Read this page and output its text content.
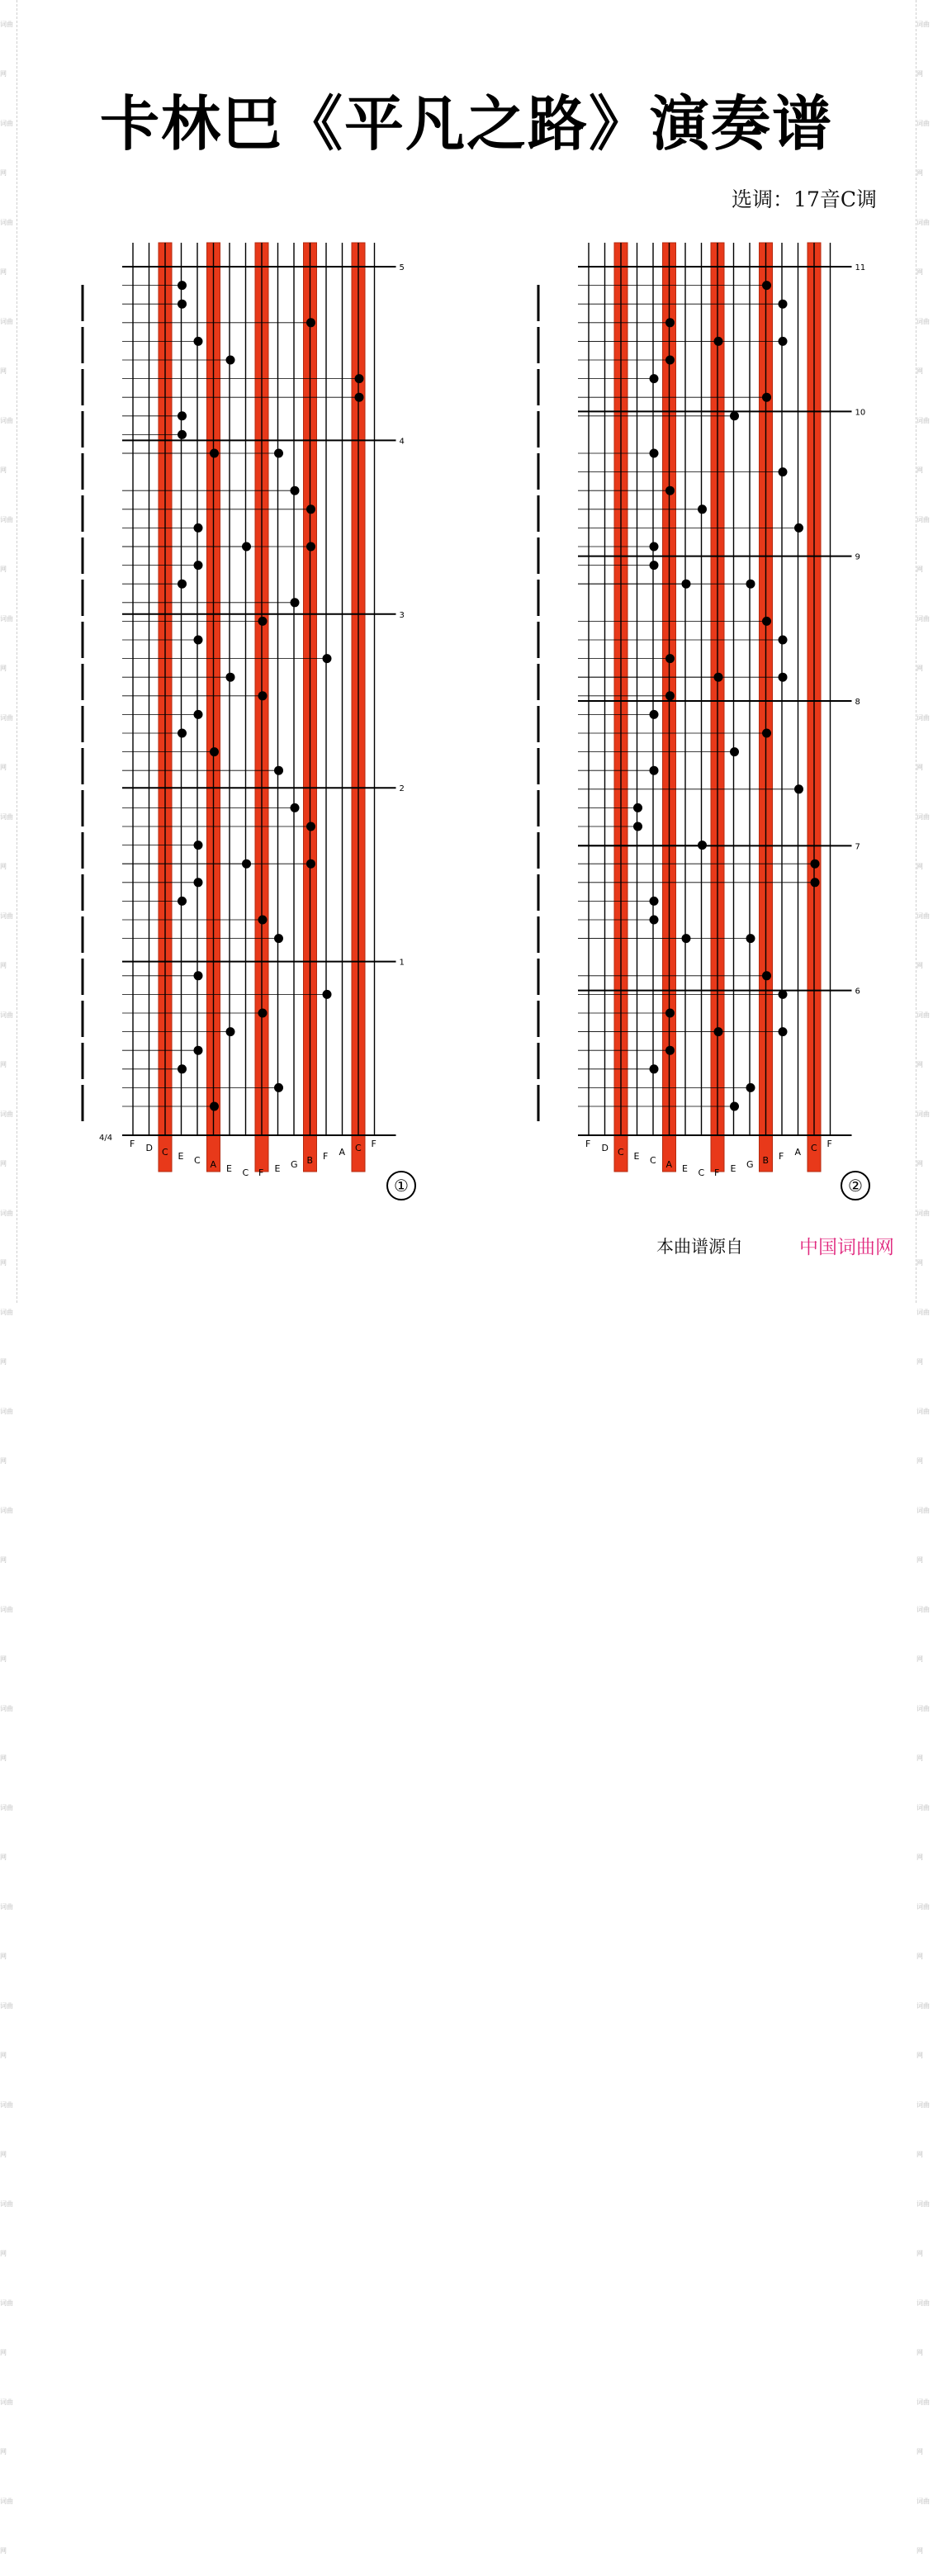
词曲网
词曲网
词曲网
词曲网
词曲网
词曲网
词曲网
词曲网
词曲网
词曲网
词曲网
词曲网
词曲网
词曲网
词曲网
词曲网
词曲网
词曲网
词曲网
词曲网
词曲网
词曲网
词曲网
词曲网
词曲网
词曲网
词曲网
词曲网
词曲网
词曲网
词曲网
词曲网
词曲网
词曲网
词曲网
词曲网
词曲网
词曲网
词曲网
词曲网
词曲网
词曲网
词曲网
词曲网
词曲网
词曲网
词曲网
词曲网
词曲网
词曲网
词曲网
词曲网
卡林巴《平凡之路》演奏谱
选调：17音C调
5
4
3
2
1
4/4
F D C E C A E C F E G B F A C F
11
10
9
8
7
6
F D C E C A E C F E G B F A C F
①	②
本曲谱源自	中国词曲网
